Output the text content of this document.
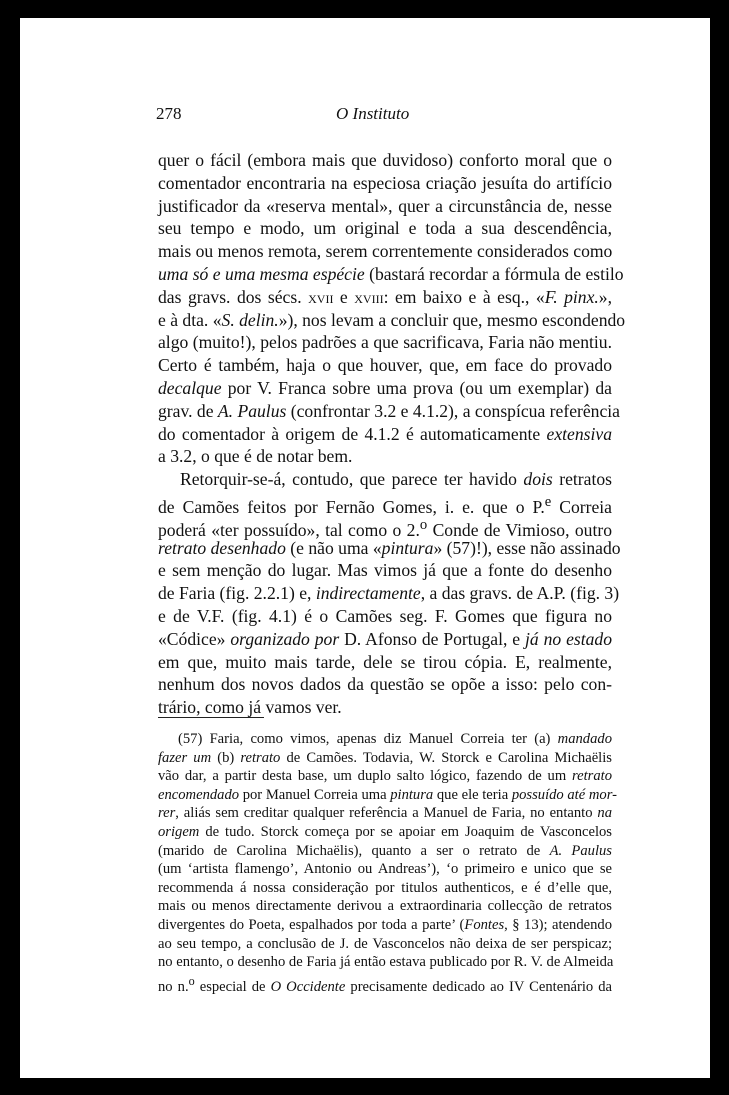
278	O Instituto
quer o fácil (embora mais que duvidoso) conforto moral que o
comentador encontraria na especiosa criação jesuíta do artifício
justificador da «reserva mental», quer a circunstância de, nesse
seu tempo e modo, um original e toda a sua descendência,
mais ou menos remota, serem correntemente considerados como
uma só e uma mesma espécie (bastará recordar a fórmula de estilo
das gravs. dos sécs. xvii e xviii: em baixo e à esq., «F. pinx.»,
e à dta. «S. delin.»), nos levam a concluir que, mesmo escondendo
algo (muito!), pelos padrões a que sacrificava, Faria não mentiu.
Certo é também, haja o que houver, que, em face do provado
decalque por V. Franca sobre uma prova (ou um exemplar) da
grav. de A. Paulus (confrontar 3.2 e 4.1.2), a conspícua referência
do comentador à origem de 4.1.2 é automaticamente extensiva
a 3.2, o que é de notar bem.
Retorquir-se-á, contudo, que parece ter havido dois retratos
de Camões feitos por Fernão Gomes, i. e. que o P.$^e$ Correia
poderá «ter possuído», tal como o 2.$^o$ Conde de Vimioso, outro
retrato desenhado (e não uma «pintura» (57)!), esse não assinado
e sem menção do lugar. Mas vimos já que a fonte do desenho
de Faria (fig. 2.2.1) e, indirectamente, a das gravs. de A.P. (fig. 3)
e de V.F. (fig. 4.1) é o Camões seg. F. Gomes que figura no
«Códice» organizado por D. Afonso de Portugal, e já no estado
em que, muito mais tarde, dele se tirou cópia. E, realmente,
nenhum dos novos dados da questão se opõe a isso: pelo con-
trário, como já vamos ver.
(57) Faria, como vimos, apenas diz Manuel Correia ter (a) mandado
fazer um (b) retrato de Camões. Todavia, W. Storck e Carolina Michaëlis
vão dar, a partir desta base, um duplo salto lógico, fazendo de um retrato
encomendado por Manuel Correia uma pintura que ele teria possuído até mor-
rer, aliás sem creditar qualquer referência a Manuel de Faria, no entanto na
origem de tudo. Storck começa por se apoiar em Joaquim de Vasconcelos
(marido de Carolina Michaëlis), quanto a ser o retrato de A. Paulus
(um ‘artista flamengo’, Antonio ou Andreas’), ‘o primeiro e unico que se
recommenda á nossa consideração por titulos authenticos, e é d’elle que,
mais ou menos directamente derivou a extraordinaria collecção de retratos
divergentes do Poeta, espalhados por toda a parte’ (Fontes, § 13); atendendo
ao seu tempo, a conclusão de J. de Vasconcelos não deixa de ser perspicaz;
no entanto, o desenho de Faria já então estava publicado por R. V. de Almeida
no n.$^o$ especial de O Occidente precisamente dedicado ao IV Centenário da
